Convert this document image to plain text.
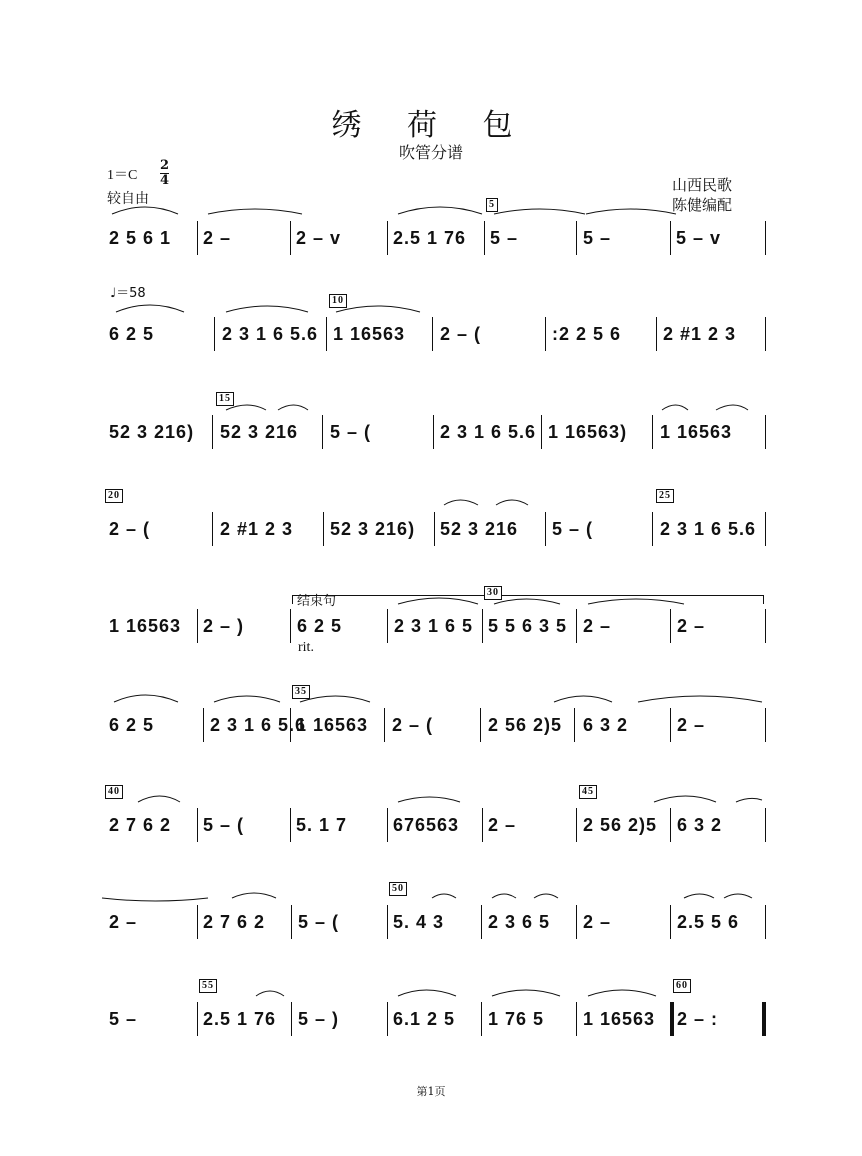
绣 荷 包
吹管分谱
1＝C
2
4
较自由
山西民歌
陈健编配
♩＝58
结束句
rit.
2 5 6 1 2 –	2 – v	2.5 1 76 5 –
5
5 –	5 – v
6 2 5	2 3 1 6 5.6 1 16563
10
2 – (	:2 2 5 6 2 #1 2 3
52 3 216) 52 3 216
15
5 – (	2 3 1 6 5.6 1 16563) 1 16563
2 – (
20
2 #1 2 3 52 3 216) 52 3 216 5 – (	2 3 1 6 5.6
25
1 16563 2 – )	6 2 5	2 3 1 6 5 5 5 6 3 5
30
2 –	2 –
6 2 5	2 3 1 6 5.6
1 16563
35
2 – (	2 56 2)5 6 3 2	2 –
2 7 6 2
40
5 – (	5. 1 7	676563 2 –	2 56 2)5
45
6 3 2
2 –	2 7 6 2 5 – (	5. 4 3
50
2 3 6 5 2 –	2.5 5 6
5 –	2.5 1 76
55
5 – )	6.1 2 5 1 76 5 1 16563 2 – :
60
第1页
